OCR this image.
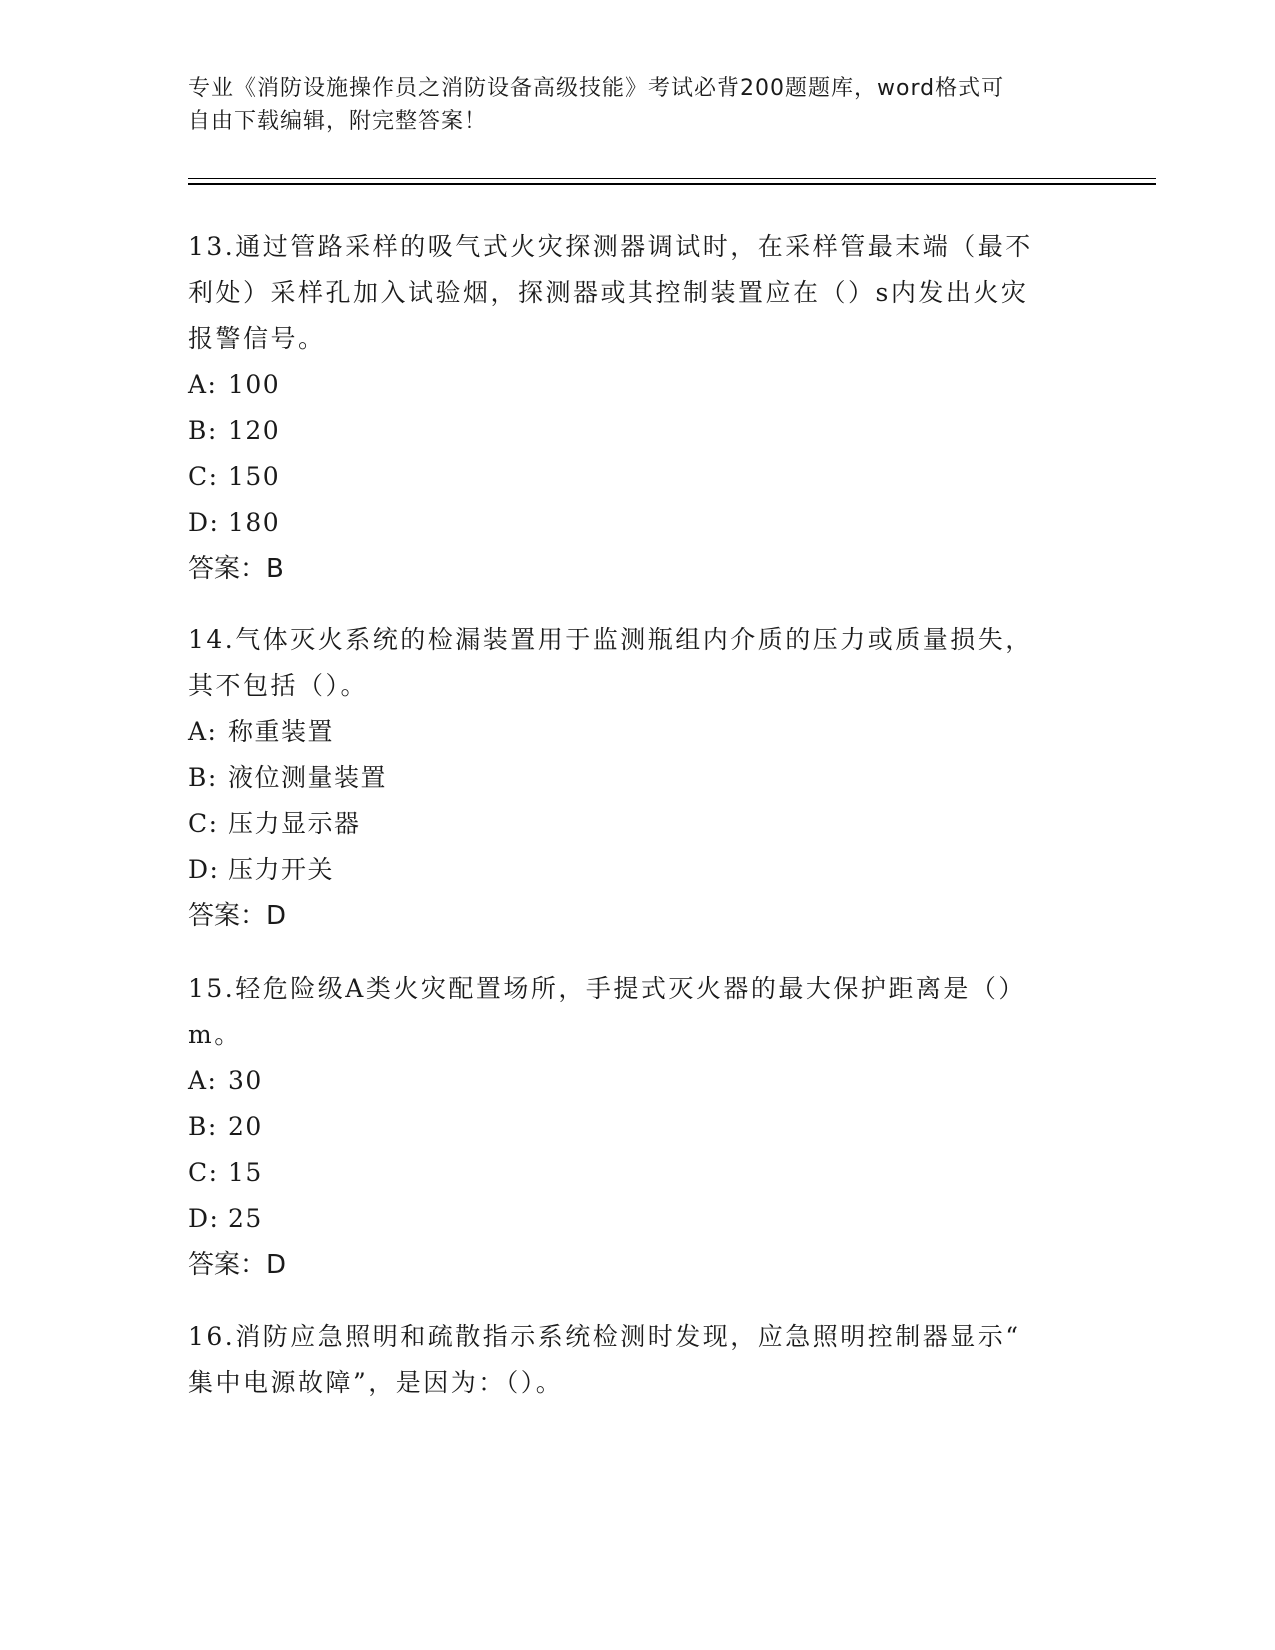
专业《消防设施操作员之消防设备高级技能》考试必背200题题库，word格式可
自由下载编辑，附完整答案！
13.通过管路采样的吸气式火灾探测器调试时，在采样管最末端（最不
利处）采样孔加入试验烟，探测器或其控制装置应在（）s内发出火灾
报警信号。
A: 100
B: 120
C: 150
D: 180
答案：B
14.气体灭火系统的检漏装置用于监测瓶组内介质的压力或质量损失，
其不包括（）。
A: 称重装置
B: 液位测量装置
C: 压力显示器
D: 压力开关
答案：D
15.轻危险级A类火灾配置场所，手提式灭火器的最大保护距离是（）
m。
A: 30
B: 20
C: 15
D: 25
答案：D
16.消防应急照明和疏散指示系统检测时发现，应急照明控制器显示“
集中电源故障”，是因为：（）。
